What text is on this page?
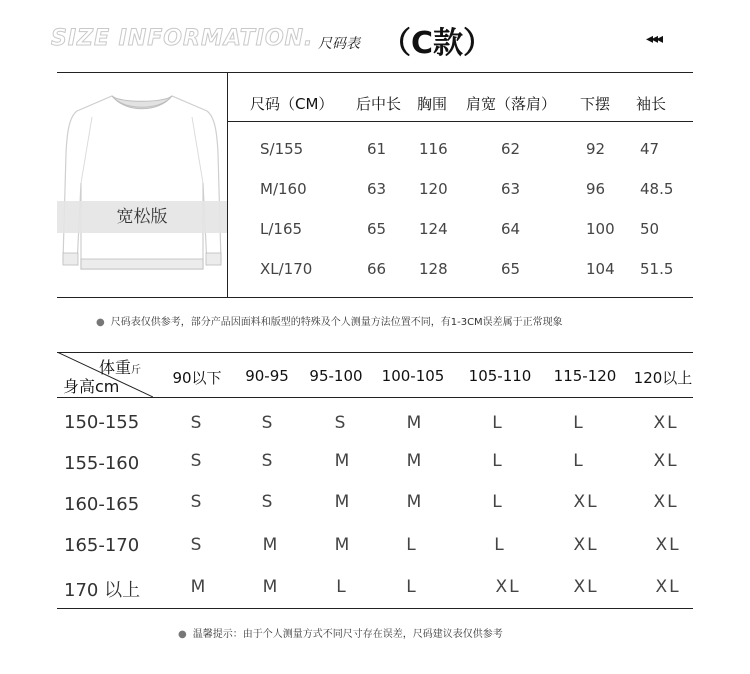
SIZE INFORMATION. 尺码表 （C款）	◂◂◂
宽松版
尺码（CM） 后中长 胸围 肩宽（落肩） 下摆 袖长
S/155	61 116	62	92 47
M/160	63 120	63	96 48.5
L/165	65 124	64	100 50
XL/170	66 128	65	104 51.5
● 尺码表仅供参考，部分产品因面料和版型的特殊及个人测量方法位置不同，有1-3CM误差属于正常现象
体重斤
身高cm	90以下 90-95 95-100 100-105 105-110 115-120 120以上
150-155	S	S	S	M	L	L	XL
155-160	S	S	M	M	L	L	XL
160-165	S	S	M	M	L	XL	XL
165-170	S	M	M	L	L	XL	XL
170 以上	M	M	L	L	XL	XL	XL
● 温馨提示：由于个人测量方式不同尺寸存在误差，尺码建议表仅供参考
